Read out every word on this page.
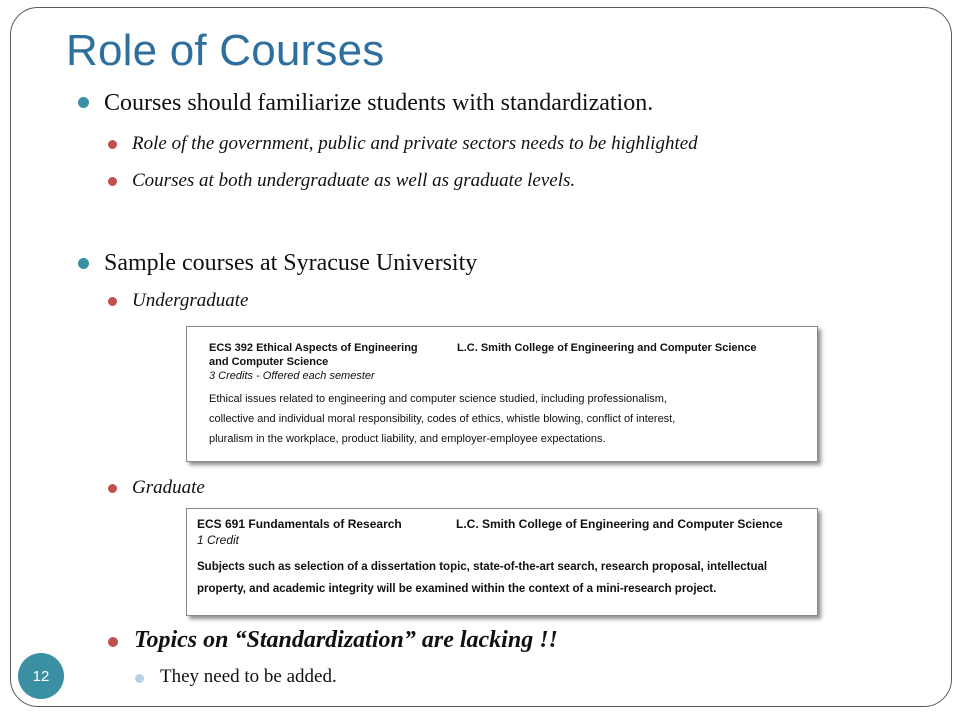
Role of Courses
Courses should familiarize students with standardization.
Role of the government, public and private sectors needs to be highlighted
Courses at both undergraduate as well as graduate levels.
Sample courses at Syracuse University
Undergraduate
ECS 392 Ethical Aspects of Engineering	L.C. Smith College of Engineering and Computer Science
and Computer Science
3 Credits - Offered each semester
Ethical issues related to engineering and computer science studied, including professionalism,
collective and individual moral responsibility, codes of ethics, whistle blowing, conflict of interest,
pluralism in the workplace, product liability, and employer-employee expectations.
Graduate
ECS 691 Fundamentals of Research	L.C. Smith College of Engineering and Computer Science
1 Credit
Subjects such as selection of a dissertation topic, state-of-the-art search, research proposal, intellectual
property, and academic integrity will be examined within the context of a mini-research project.
Topics on “Standardization” are lacking !!
They need to be added.
12
